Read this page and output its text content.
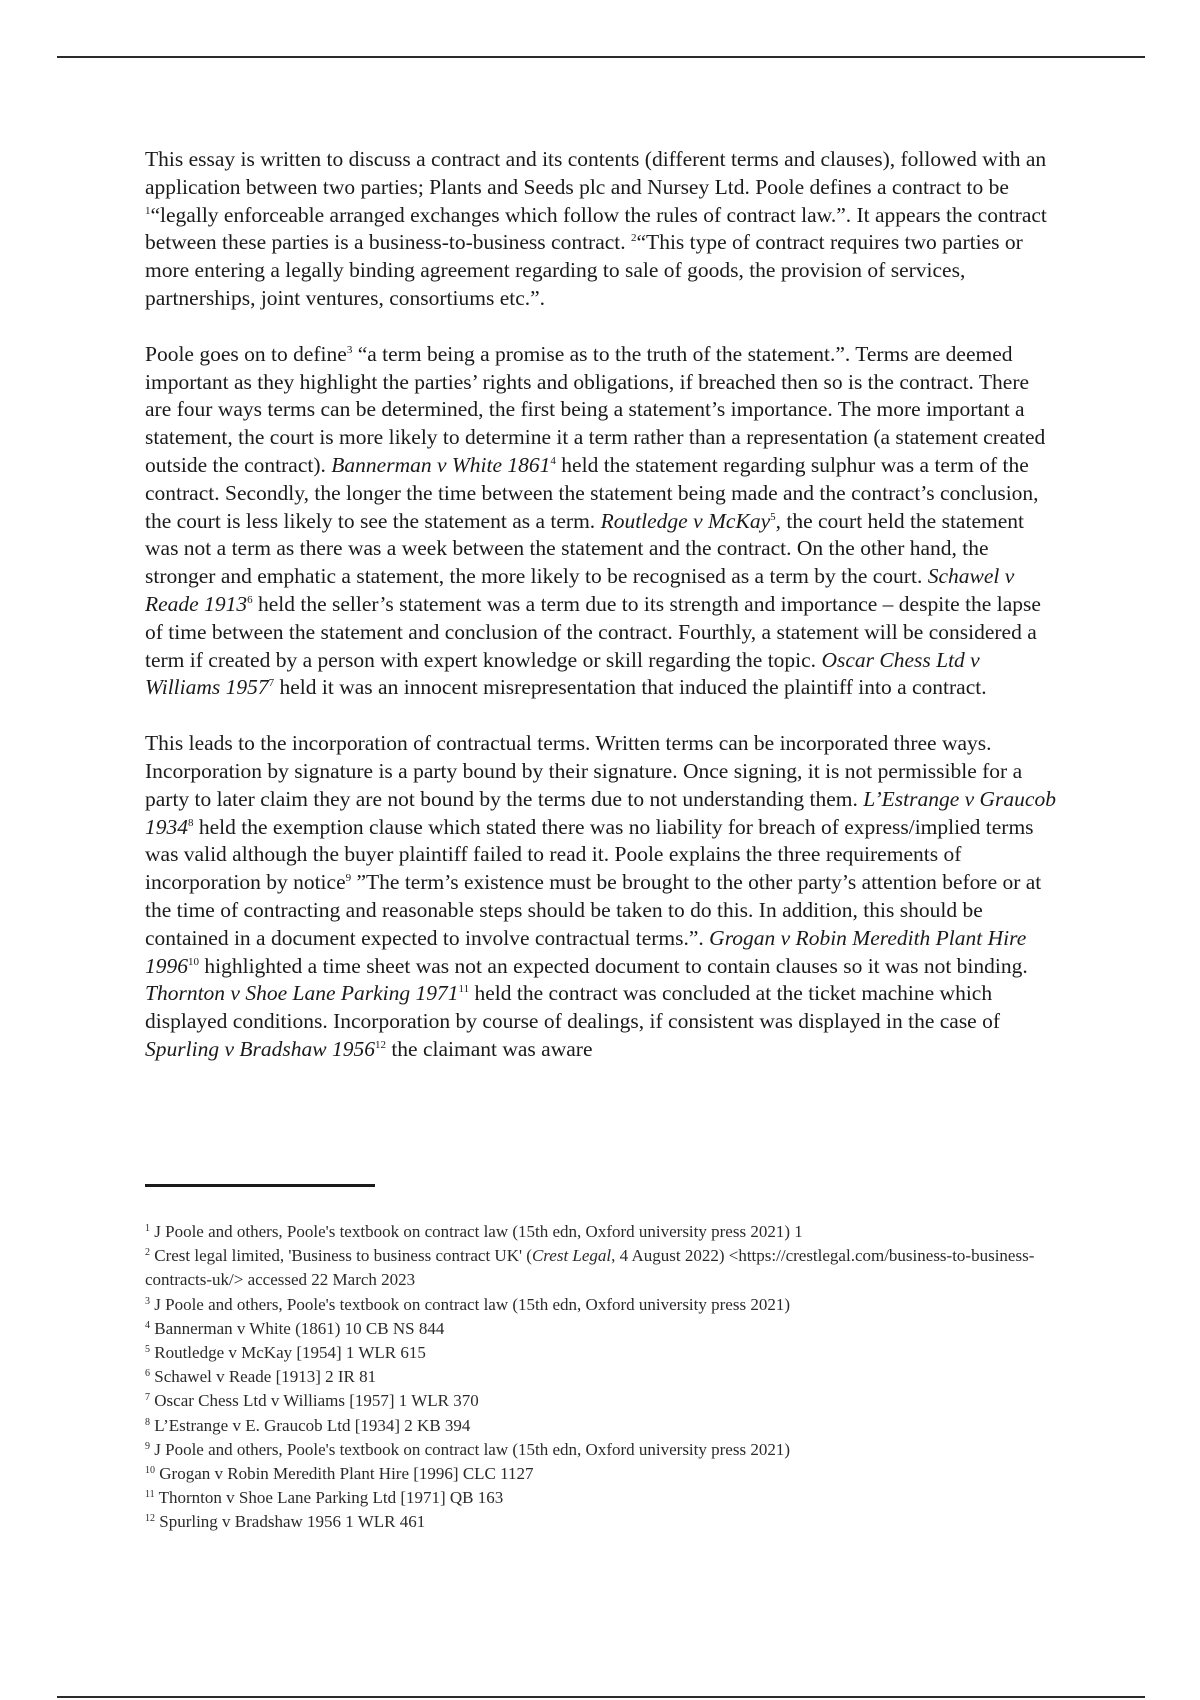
This essay is written to discuss a contract and its contents (different terms and clauses), followed with an application between two parties; Plants and Seeds plc and Nursey Ltd. Poole defines a contract to be $^1$“legally enforceable arranged exchanges which follow the rules of contract law.”. It appears the contract between these parties is a business-to-business contract. $^2$“This type of contract requires two parties or more entering a legally binding agreement regarding to sale of goods, the provision of services, partnerships, joint ventures, consortiums etc.”.

Poole goes on to define$^3$ “a term being a promise as to the truth of the statement.”. Terms are deemed important as they highlight the parties’ rights and obligations, if breached then so is the contract. There are four ways terms can be determined, the first being a statement’s importance. The more important a statement, the court is more likely to determine it a term rather than a representation (a statement created outside the contract). Bannerman v White 1861$^4$ held the statement regarding sulphur was a term of the contract. Secondly, the longer the time between the statement being made and the contract’s conclusion, the court is less likely to see the statement as a term. Routledge v McKay$^5$, the court held the statement was not a term as there was a week between the statement and the contract. On the other hand, the stronger and emphatic a statement, the more likely to be recognised as a term by the court. Schawel v Reade 1913$^6$ held the seller’s statement was a term due to its strength and importance – despite the lapse of time between the statement and conclusion of the contract. Fourthly, a statement will be considered a term if created by a person with expert knowledge or skill regarding the topic. Oscar Chess Ltd v Williams 1957$^7$ held it was an innocent misrepresentation that induced the plaintiff into a contract.

This leads to the incorporation of contractual terms. Written terms can be incorporated three ways. Incorporation by signature is a party bound by their signature. Once signing, it is not permissible for a party to later claim they are not bound by the terms due to not understanding them. L’Estrange v Graucob 1934$^8$ held the exemption clause which stated there was no liability for breach of express/implied terms was valid although the buyer plaintiff failed to read it. Poole explains the three requirements of incorporation by notice$^9$ ”The term’s existence must be brought to the other party’s attention before or at the time of contracting and reasonable steps should be taken to do this. In addition, this should be contained in a document expected to involve contractual terms.”. Grogan v Robin Meredith Plant Hire 1996$^{10}$ highlighted a time sheet was not an expected document to contain clauses so it was not binding. Thornton v Shoe Lane Parking 1971$^{11}$ held the contract was concluded at the ticket machine which displayed conditions. Incorporation by course of dealings, if consistent was displayed in the case of Spurling v Bradshaw 1956$^{12}$ the claimant was aware

$^1$ J Poole and others, Poole's textbook on contract law (15th edn, Oxford university press 2021) 1

$^2$ Crest legal limited, 'Business to business contract UK' (Crest Legal, 4 August 2022) <https://crestlegal.com/business-to-business-contracts-uk/> accessed 22 March 2023

$^3$ J Poole and others, Poole's textbook on contract law (15th edn, Oxford university press 2021)

$^4$ Bannerman v White (1861) 10 CB NS 844

$^5$ Routledge v McKay [1954] 1 WLR 615

$^6$ Schawel v Reade [1913] 2 IR 81

$^7$ Oscar Chess Ltd v Williams [1957] 1 WLR 370

$^8$ L’Estrange v E. Graucob Ltd [1934] 2 KB 394

$^9$ J Poole and others, Poole's textbook on contract law (15th edn, Oxford university press 2021)

$^{10}$ Grogan v Robin Meredith Plant Hire [1996] CLC 1127

$^{11}$ Thornton v Shoe Lane Parking Ltd [1971] QB 163

$^{12}$ Spurling v Bradshaw 1956 1 WLR 461
